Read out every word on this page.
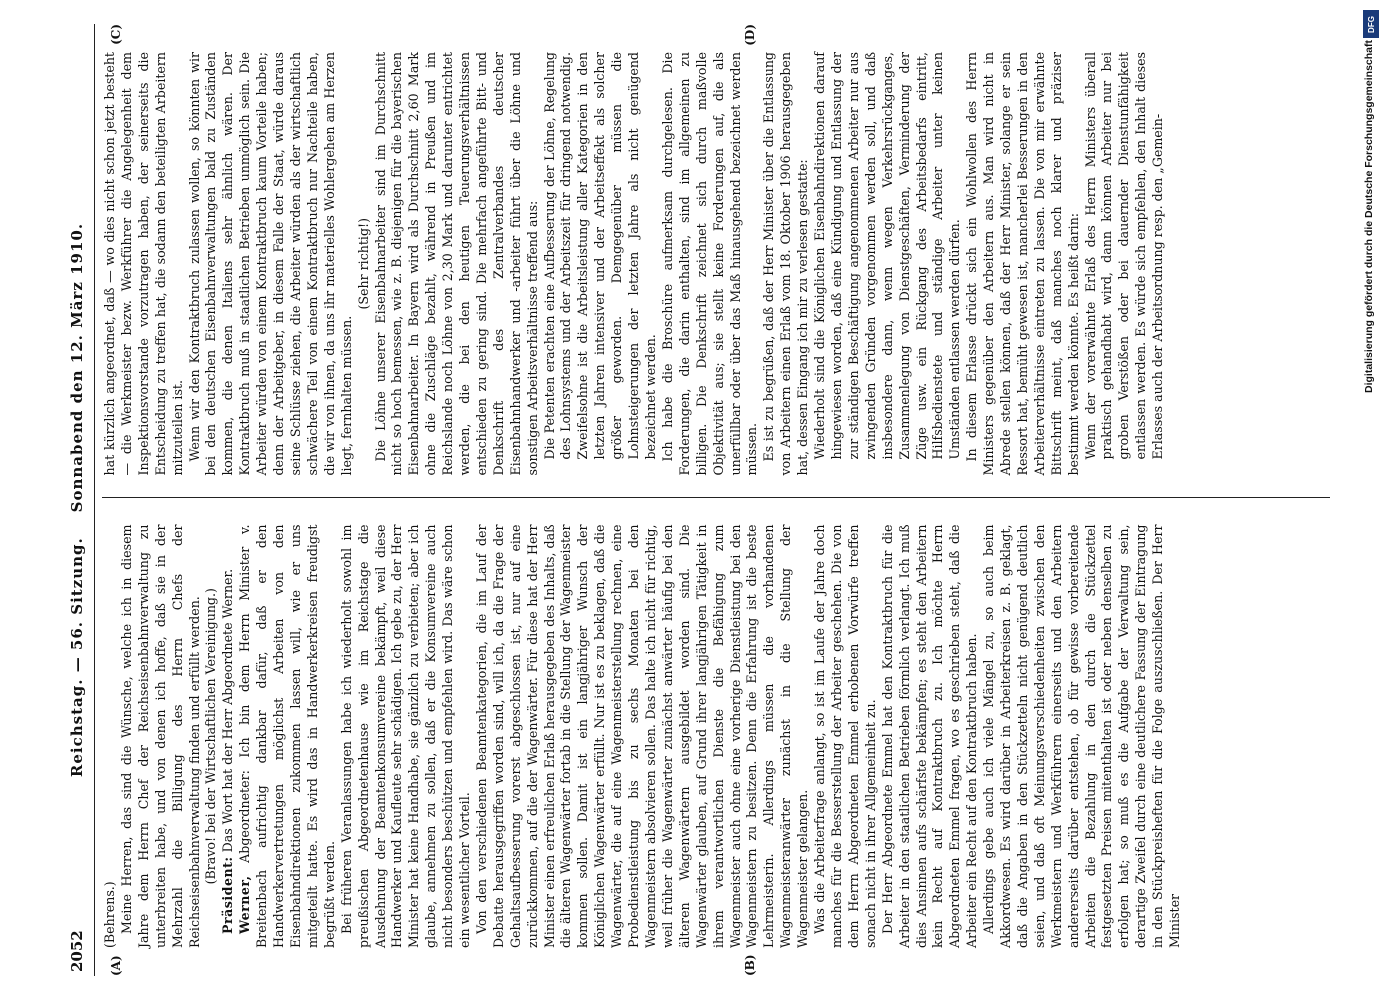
2052
Reichstag. — 56. Sitzung.    Sonnabend den 12. März 1910.
(A)	(B)

(Behrens.) Meine Herren, das sind die Wünsche, welche ich in diesem Jahre dem Herrn Chef der Reichseisenbahnverwaltung zu unterbreiten habe, und von denen ich hoffe, daß sie in der Mehrzahl die Billigung des Herrn Chefs der Reichseisenbahnverwaltung finden und erfüllt werden. (Bravo! bei der Wirtschaftlichen Vereinigung.)

Präsident: Das Wort hat der Herr Abgeordnete Werner.

Werner, Abgeordneter: Ich bin dem Herrn Minister v. Breitenbach aufrichtig dankbar dafür, daß er den Handwerkervertretungen möglichst Arbeiten von den Eisenbahndirektionen zukommen lassen will, wie er uns mitgeteilt hatte. Es wird das in Handwerkerkreisen freudigst begrüßt werden. Bei früheren Veranlassungen habe ich wiederholt sowohl im preußischen Abgeordnetenhause wie im Reichstage die Ausdehnung der Beamtenkonsumvereine bekämpft, weil diese Handwerker und Kaufleute sehr schädigen. Ich gebe zu, der Herr Minister hat keine Handhabe, sie gänzlich zu verbieten; aber ich glaube, annehmen zu sollen, daß er die Konsumvereine auch nicht besonders beschützen und empfehlen wird. Das wäre schon ein wesentlicher Vorteil. Von den verschiedenen Beamtenkategorien, die im Lauf der Debatte herausgegriffen worden sind, will ich, da die Frage der Gehaltsaufbesserung vorerst abgeschlossen ist, nur auf eine zurückkommen, auf die der Wagenwärter. Für diese hat der Herr Minister einen erfreulichen Erlaß herausgegeben des Inhalts, daß die älteren Wagenwärter fortab in die Stellung der Wagenmeister kommen sollen. Damit ist ein langjähriger Wunsch der Königlichen Wagenwärter erfüllt. Nur ist es zu beklagen, daß die Wagenwärter, die auf eine Wagenmeisterstellung rechnen, eine Probedienstleistung bis zu sechs Monaten bei den Wagenmeistern absolvieren sollen. Das halte ich nicht für richtig, weil früher die Wagenwärter zunächst anwärter häufig bei den älteren Wagenwärtern ausgebildet worden sind. Die Wagenwärter glauben, auf Grund ihrer langjährigen Tätigkeit in ihrem verantwortlichen Dienste die Befähigung zum Wagenmeister auch ohne eine vorherige Dienstleistung bei den Wagenmeistern zu besitzen. Denn die Erfahrung ist die beste Lehrmeisterin. Allerdings müssen die vorhandenen Wagenmeisteranwärter zunächst in die Stellung der Wagenmeister gelangen. Was die Arbeiterfrage anlangt, so ist im Laufe der Jahre doch manches für die Besserstellung der Arbeiter geschehen. Die von dem Herrn Abgeordneten Emmel erhobenen Vorwürfe treffen sonach nicht in ihrer Allgemeinheit zu. Der Herr Abgeordnete Emmel hat den Kontraktbruch für die Arbeiter in den staatlichen Betrieben förmlich verlangt. Ich muß dies Ansinnen aufs schärfste bekämpfen; es steht den Arbeitern kein Recht auf Kontraktbruch zu. Ich möchte Herrn Abgeordneten Emmel fragen, wo es geschrieben steht, daß die Arbeiter ein Recht auf den Kontraktbruch haben. Allerdings gebe auch ich viele Mängel zu, so auch beim Akkordwesen. Es wird darüber in Arbeiterkreisen z. B. geklagt, daß die Angaben in den Stückzetteln nicht genügend deutlich seien, und daß oft Meinungsverschiedenheiten zwischen den Werkmeistern und Werkführern einerseits und den Arbeitern andererseits darüber entstehen, ob für gewisse vorbereitende Arbeiten die Bezahlung in den durch die Stückzettel festgesetzten Preisen mitenthalten ist oder neben denselben zu erfolgen hat; so muß es die Aufgabe der Verwaltung sein, derartige Zweifel durch eine deutlichere Fassung der Eintragung in den Stückpreisheften für die Folge auszuschließen. Der Herr Minister

(C)	(D)

hat kürzlich angeordnet, daß — wo dies nicht schon jetzt besteht — die Werkmeister bezw. Werkführer die Angelegenheit dem Inspektionsvorstande vorzutragen haben, der seinerseits die Entscheidung zu treffen hat, die sodann den beteiligten Arbeitern mitzuteilen ist. Wenn wir den Kontraktbruch zulassen wollen, so könnten wir bei den deutschen Eisenbahnverwaltungen bald zu Zuständen kommen, die denen Italiens sehr ähnlich wären. Der Kontraktbruch muß in staatlichen Betrieben unmöglich sein. Die Arbeiter würden von einem Kontraktbruch kaum Vorteile haben; denn der Arbeitgeber, in diesem Falle der Staat, würde daraus seine Schlüsse ziehen, die Arbeiter würden als der wirtschaftlich schwächere Teil von einem Kontraktbruch nur Nachteile haben, die wir von ihnen, da uns ihr materielles Wohlergehen am Herzen liegt, fernhalten müssen.

(Sehr richtig!) Die Löhne unserer Eisenbahnarbeiter sind im Durchschnitt nicht so hoch bemessen, wie z. B. diejenigen für die bayerischen Eisenbahnarbeiter. In Bayern wird als Durchschnitt 2,60 Mark ohne die Zuschläge bezahlt, während in Preußen und im Reichslande noch Löhne von 2,30 Mark und darunter entrichtet werden, die bei den heutigen Teuerungsverhältnissen entschieden zu gering sind. Die mehrfach angeführte Bitt- und Denkschrift des Zentralverbandes deutscher Eisenbahnhandwerker und -arbeiter führt über die Löhne und sonstigen Arbeitsverhältnisse treffend aus: Die Petenten erachten eine Aufbesserung der Löhne, Regelung des Lohnsystems und der Arbeitszeit für dringend notwendig. Zweifelsohne ist die Arbeitsleistung aller Kategorien in den letzten Jahren intensiver und der Arbeitseffekt als solcher größer geworden. Demgegenüber müssen die Lohnsteigerungen der letzten Jahre als nicht genügend bezeichnet werden. Ich habe die Broschüre aufmerksam durchgelesen. Die Forderungen, die darin enthalten, sind im allgemeinen zu billigen. Die Denkschrift zeichnet sich durch maßvolle Objektivität aus; sie stellt keine Forderungen auf, die als unerfüllbar oder über das Maß hinausgehend bezeichnet werden müssen. Es ist zu begrüßen, daß der Herr Minister über die Entlassung von Arbeitern einen Erlaß vom 18. Oktober 1906 herausgegeben hat, dessen Eingang ich mir zu verlesen gestatte: Wiederholt sind die Königlichen Eisenbahndirektionen darauf hingewiesen worden, daß eine Kündigung und Entlassung der zur ständigen Beschäftigung angenommenen Arbeiter nur aus zwingenden Gründen vorgenommen werden soll, und daß insbesondere dann, wenn wegen Verkehrsrückganges, Zusammenlegung von Dienstgeschäften, Verminderung der Züge usw. ein Rückgang des Arbeitsbedarfs eintritt, Hilfsbedienstete und ständige Arbeiter unter keinen Umständen entlassen werden dürfen. In diesem Erlasse drückt sich ein Wohlwollen des Herrn Ministers gegenüber den Arbeitern aus. Man wird nicht in Abrede stellen können, daß der Herr Minister, solange er sein Ressort hat, bemüht gewesen ist, mancherlei Besserungen in den Arbeiterverhältnisse eintreten zu lassen. Die von mir erwähnte Bittschrift meint, daß manches noch klarer und präziser bestimmt werden könnte. Es heißt darin: Wenn der vorerwähnte Erlaß des Herrn Ministers überall praktisch gehandhabt wird, dann können Arbeiter nur bei groben Verstößen oder bei dauernder Dienstunfähigkeit entlassen werden. Es würde sich empfehlen, den Inhalt dieses Erlasses auch der Arbeitsordnung resp. den „Gemein-	Digitalisierung gefördert durch die Deutsche Forschungsgemeinschaft
DFG
